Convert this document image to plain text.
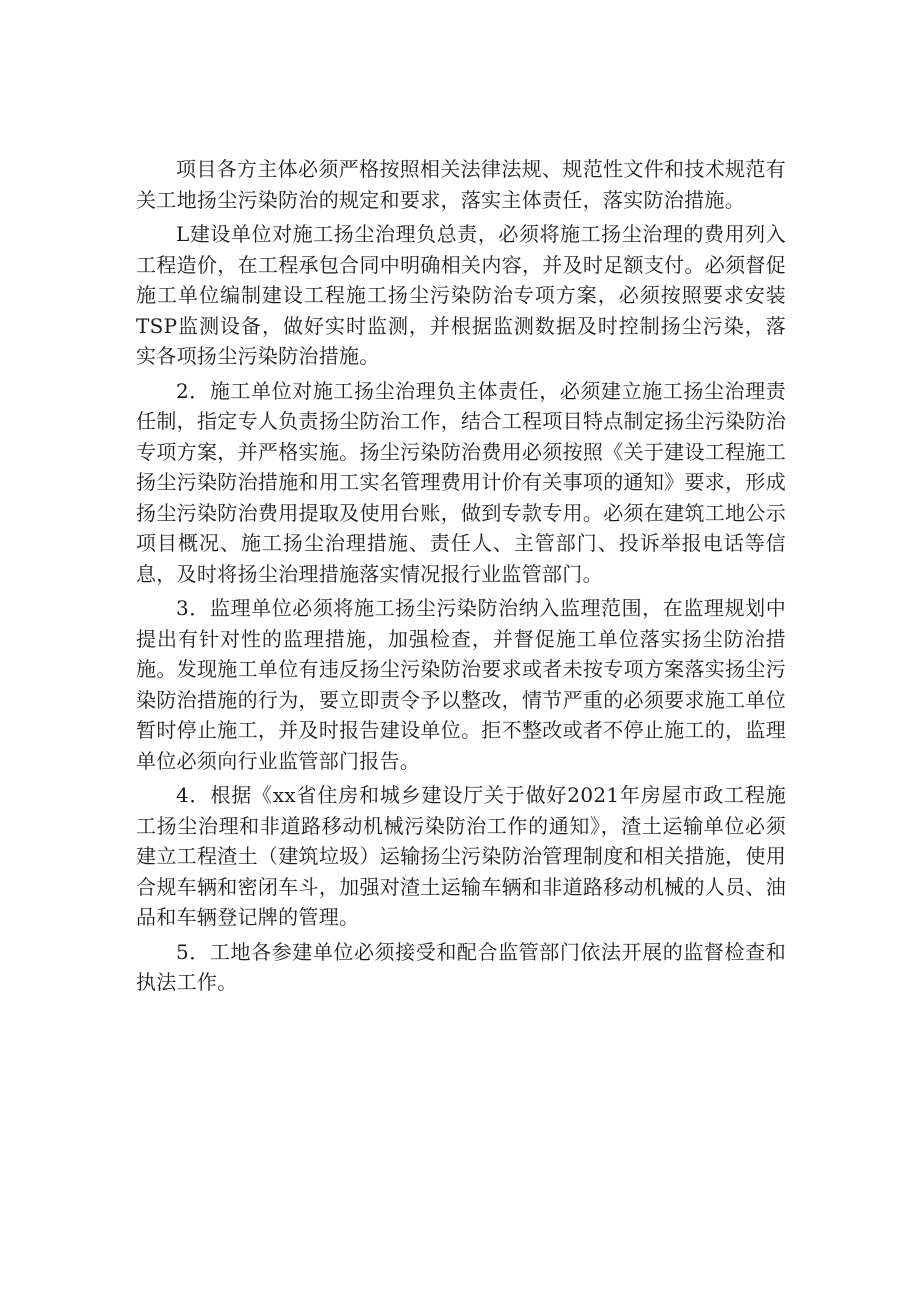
项目各方主体必须严格按照相关法律法规、规范性文件和技术规范有关工地扬尘污染防治的规定和要求，落实主体责任，落实防治措施。

L建设单位对施工扬尘治理负总责，必须将施工扬尘治理的费用列入工程造价，在工程承包合同中明确相关内容，并及时足额支付。必须督促施工单位编制建设工程施工扬尘污染防治专项方案，必须按照要求安装TSP监测设备，做好实时监测，并根据监测数据及时控制扬尘污染，落实各项扬尘污染防治措施。

2．施工单位对施工扬尘治理负主体责任，必须建立施工扬尘治理责任制，指定专人负责扬尘防治工作，结合工程项目特点制定扬尘污染防治专项方案，并严格实施。扬尘污染防治费用必须按照《关于建设工程施工扬尘污染防治措施和用工实名管理费用计价有关事项的通知》要求，形成扬尘污染防治费用提取及使用台账，做到专款专用。必须在建筑工地公示项目概况、施工扬尘治理措施、责任人、主管部门、投诉举报电话等信息，及时将扬尘治理措施落实情况报行业监管部门。

3．监理单位必须将施工扬尘污染防治纳入监理范围，在监理规划中提出有针对性的监理措施，加强检查，并督促施工单位落实扬尘防治措施。发现施工单位有违反扬尘污染防治要求或者未按专项方案落实扬尘污染防治措施的行为，要立即责令予以整改，情节严重的必须要求施工单位暂时停止施工，并及时报告建设单位。拒不整改或者不停止施工的，监理单位必须向行业监管部门报告。

4．根据《xx省住房和城乡建设厅关于做好2021年房屋市政工程施工扬尘治理和非道路移动机械污染防治工作的通知》，渣土运输单位必须建立工程渣土（建筑垃圾）运输扬尘污染防治管理制度和相关措施，使用合规车辆和密闭车斗，加强对渣土运输车辆和非道路移动机械的人员、油品和车辆登记牌的管理。

5．工地各参建单位必须接受和配合监管部门依法开展的监督检查和执法工作。
